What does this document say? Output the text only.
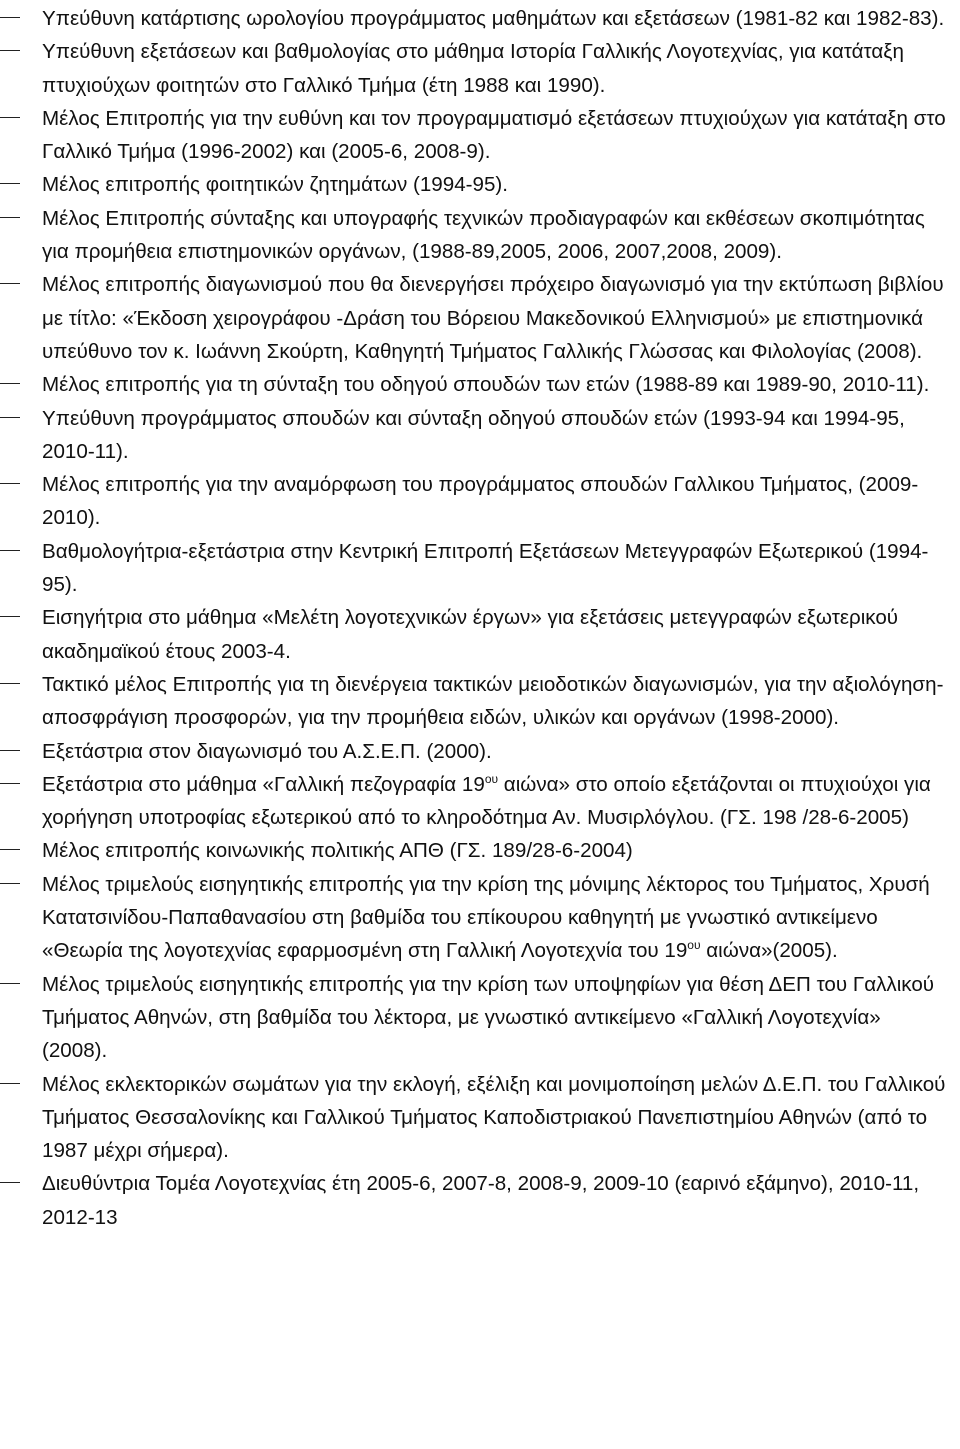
Υπεύθυνη κατάρτισης ωρολογίου προγράμματος μαθημάτων και εξετάσεων (1981-82 και 1982-83).
Υπεύθυνη εξετάσεων και βαθμολογίας στο μάθημα Ιστορία Γαλλικής Λογοτεχνίας, για κατάταξη πτυχιούχων φοιτητών στο Γαλλικό Τμήμα (έτη 1988 και 1990).
Μέλος Επιτροπής για την ευθύνη και τον προγραμματισμό εξετάσεων πτυχιούχων για κατάταξη στο Γαλλικό Τμήμα (1996-2002) και (2005-6, 2008-9).
Μέλος επιτροπής φοιτητικών ζητημάτων (1994-95).
Μέλος Επιτροπής σύνταξης και υπογραφής τεχνικών προδιαγραφών και εκθέσεων σκοπιμότητας για προμήθεια επιστημονικών οργάνων, (1988-89,2005, 2006, 2007,2008, 2009).
Μέλος επιτροπής διαγωνισμού που θα διενεργήσει πρόχειρο διαγωνισμό για την εκτύπωση βιβλίου με τίτλο: «Έκδοση χειρογράφου -Δράση του Βόρειου Μακεδονικού Ελληνισμού» με επιστημονικά υπεύθυνο τον κ. Ιωάννη Σκούρτη, Καθηγητή Τμήματος Γαλλικής Γλώσσας και Φιλολογίας (2008).
Μέλος επιτροπής για τη σύνταξη του οδηγού σπουδών των ετών (1988-89 και 1989-90, 2010-11).
Υπεύθυνη προγράμματος σπουδών και σύνταξη οδηγού σπουδών ετών (1993-94 και 1994-95, 2010-11).
Μέλος επιτροπής για την αναμόρφωση του προγράμματος σπουδών Γαλλικου Τμήματος, (2009-2010).
Βαθμολογήτρια-εξετάστρια στην Κεντρική Επιτροπή Εξετάσεων Μετεγγραφών Εξωτερικού (1994-95).
Εισηγήτρια στο μάθημα «Μελέτη λογοτεχνικών έργων» για εξετάσεις μετεγγραφών εξωτερικού ακαδημαϊκού έτους 2003-4.
Τακτικό μέλος Επιτροπής για τη διενέργεια τακτικών μειοδοτικών διαγωνισμών, για την αξιολόγηση-αποσφράγιση προσφορών, για την προμήθεια ειδών, υλικών και οργάνων (1998-2000).
Εξετάστρια στον διαγωνισμό του Α.Σ.Ε.Π. (2000).
Εξετάστρια στο μάθημα «Γαλλική πεζογραφία $19^{o\upsilon}$ αιώνα» στο οποίο εξετάζονται οι πτυχιούχοι για χορήγηση υποτροφίας εξωτερικού από το κληροδότημα Αν. Μυσιρλόγλου. (ΓΣ. 198 /28-6-2005)
Μέλος επιτροπής κοινωνικής πολιτικής ΑΠΘ (ΓΣ. 189/28-6-2004)
Μέλος τριμελούς εισηγητικής επιτροπής για την κρίση της μόνιμης λέκτορος του Τμήματος, Χρυσή Κατατσινίδου-Παπαθανασίου στη βαθμίδα του επίκουρου καθηγητή με γνωστικό αντικείμενο «Θεωρία της λογοτεχνίας εφαρμοσμένη στη Γαλλική Λογοτεχνία του $19^{o\upsilon}$ αιώνα»(2005).
Μέλος τριμελούς εισηγητικής επιτροπής για την κρίση των υποψηφίων για θέση ΔΕΠ του Γαλλικού Τμήματος Αθηνών, στη βαθμίδα του λέκτορα, με γνωστικό αντικείμενο «Γαλλική Λογοτεχνία» (2008).
Μέλος εκλεκτορικών σωμάτων για την εκλογή, εξέλιξη και μονιμοποίηση μελών Δ.Ε.Π. του Γαλλικού Τμήματος Θεσσαλονίκης και Γαλλικού Τμήματος Καποδιστριακού Πανεπιστημίου Αθηνών (από το 1987 μέχρι σήμερα).
Διευθύντρια Τομέα Λογοτεχνίας έτη 2005-6, 2007-8, 2008-9, 2009-10 (εαρινό εξάμηνο), 2010-11, 2012-13
